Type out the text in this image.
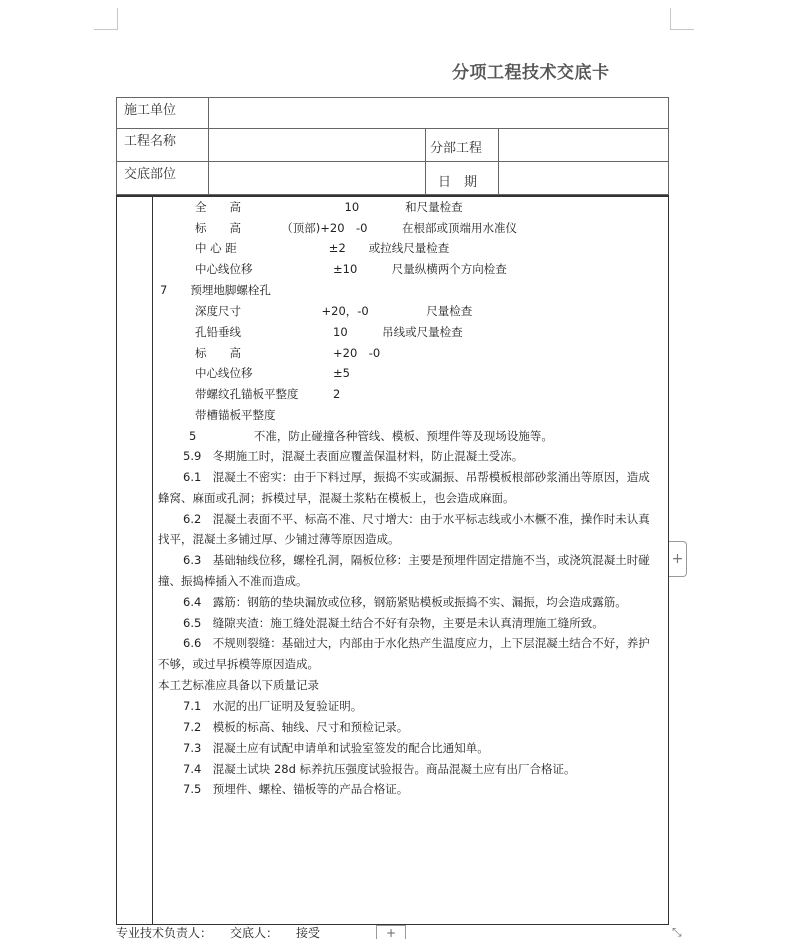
分项工程技术交底卡
施工单位
工程名称	分部工程
交底部位
日　期
全　　高　　　　　　　　　10　　　　和尺量检查
标　　高　　　　（顶部)+20　-0　　　在根部或顶端用水准仪
中 心 距　　　　　　　　±2　　或拉线尺量检查
中心线位移　　　　　　　±10　　　尺量纵横两个方向检查
7　　预埋地脚螺栓孔
深度尺寸　　　　　　　+20，-0　　　　　尺量检查
孔铅垂线　　　　　　　　10　　　吊线或尺量检查
标　　高　　　　　　　　+20　-0
中心线位移　　　　　　　±5
带螺纹孔锚板平整度　　　2
带槽锚板平整度
5　　　　　不准，防止碰撞各种管线、模板、预埋件等及现场设施等。
5.9　冬期施工时，混凝土表面应覆盖保温材料，防止混凝土受冻。
6.1　混凝土不密实：由于下料过厚，振捣不实或漏振、吊帮模板根部砂浆涌出等原因，造成
蜂窝、麻面或孔洞；拆模过早，混凝土浆粘在模板上，也会造成麻面。
6.2　混凝土表面不平、标高不准、尺寸增大：由于水平标志线或小木橛不准，操作时未认真
找平，混凝土多铺过厚、少铺过薄等原因造成。
6.3　基础轴线位移，螺栓孔洞，隔板位移：主要是预埋件固定措施不当，或浇筑混凝土时碰
撞、振捣棒插入不准而造成。
6.4　露筋：钢筋的垫块漏放或位移，钢筋紧贴模板或振捣不实、漏振，均会造成露筋。
6.5　缝隙夹渣：施工缝处混凝土结合不好有杂物，主要是未认真清理施工缝所致。
6.6　不规则裂缝：基础过大，内部由于水化热产生温度应力，上下层混凝土结合不好，养护
不够，或过早拆模等原因造成。
本工艺标准应具备以下质量记录
7.1　水泥的出厂证明及复验证明。
7.2　模板的标高、轴线、尺寸和预检记录。
7.3　混凝土应有试配申请单和试验室签发的配合比通知单。
7.4　混凝土试块 28d 标养抗压强度试验报告。商品混凝土应有出厂合格证。
7.5　预埋件、螺栓、锚板等的产品合格证。
+
专业技术负责人：　　交底人：　　接受	+	⤡
